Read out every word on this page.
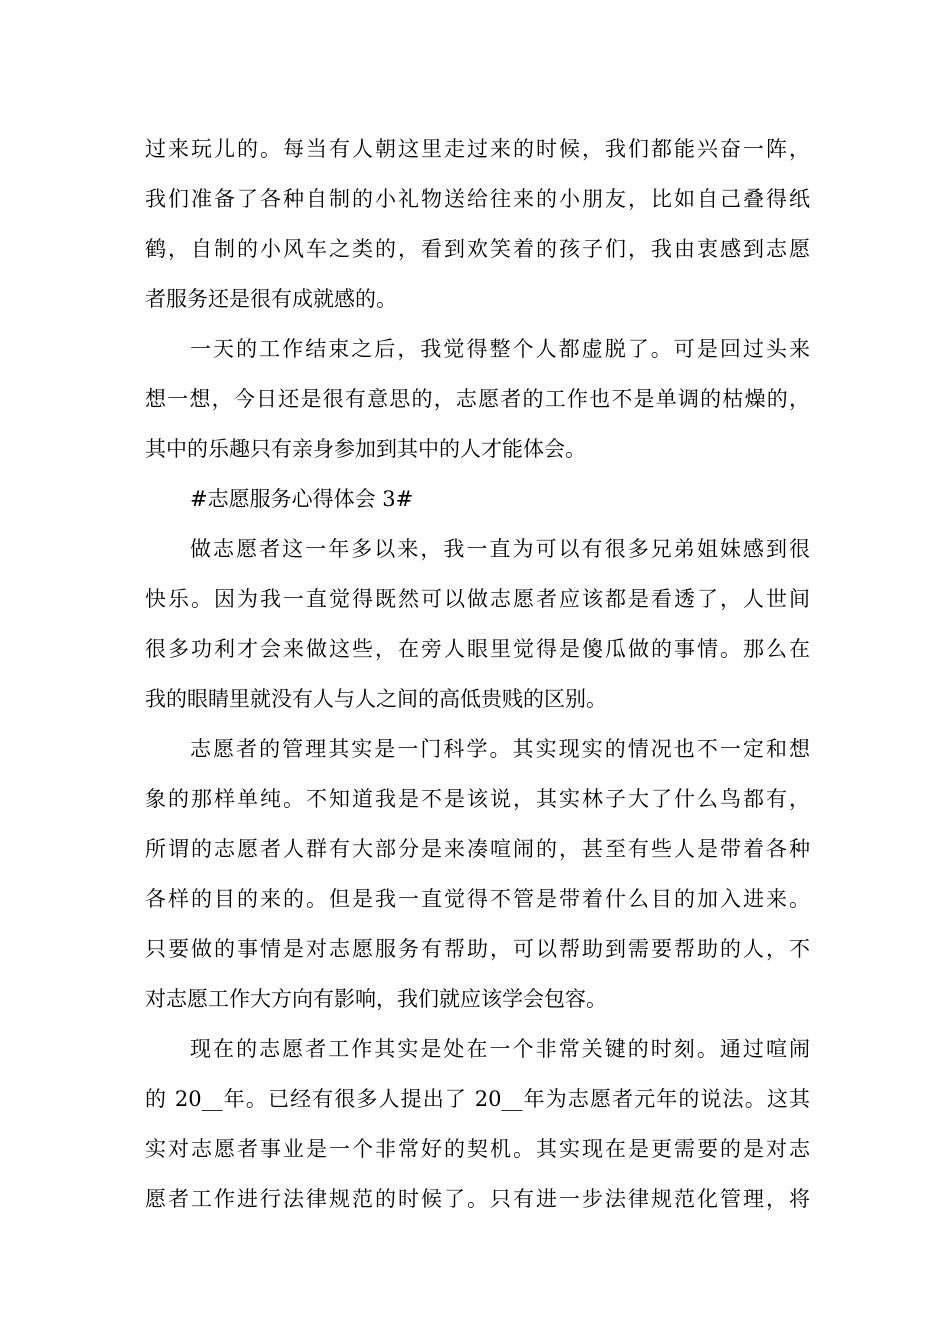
过来玩儿的。每当有人朝这里走过来的时候，我们都能兴奋一阵，
我们准备了各种自制的小礼物送给往来的小朋友，比如自己叠得纸
鹤，自制的小风车之类的，看到欢笑着的孩子们，我由衷感到志愿
者服务还是很有成就感的。
一天的工作结束之后，我觉得整个人都虚脱了。可是回过头来
想一想，今日还是很有意思的，志愿者的工作也不是单调的枯燥的，
其中的乐趣只有亲身参加到其中的人才能体会。
#志愿服务心得体会 3#
做志愿者这一年多以来，我一直为可以有很多兄弟姐妹感到很
快乐。因为我一直觉得既然可以做志愿者应该都是看透了，人世间
很多功利才会来做这些，在旁人眼里觉得是傻瓜做的事情。那么在
我的眼睛里就没有人与人之间的高低贵贱的区别。
志愿者的管理其实是一门科学。其实现实的情况也不一定和想
象的那样单纯。不知道我是不是该说，其实林子大了什么鸟都有，
所谓的志愿者人群有大部分是来凑喧闹的，甚至有些人是带着各种
各样的目的来的。但是我一直觉得不管是带着什么目的加入进来。
只要做的事情是对志愿服务有帮助，可以帮助到需要帮助的人，不
对志愿工作大方向有影响，我们就应该学会包容。
现在的志愿者工作其实是处在一个非常关键的时刻。通过喧闹
的 20__年。已经有很多人提出了 20__年为志愿者元年的说法。这其
实对志愿者事业是一个非常好的契机。其实现在是更需要的是对志
愿者工作进行法律规范的时候了。只有进一步法律规范化管理，将
